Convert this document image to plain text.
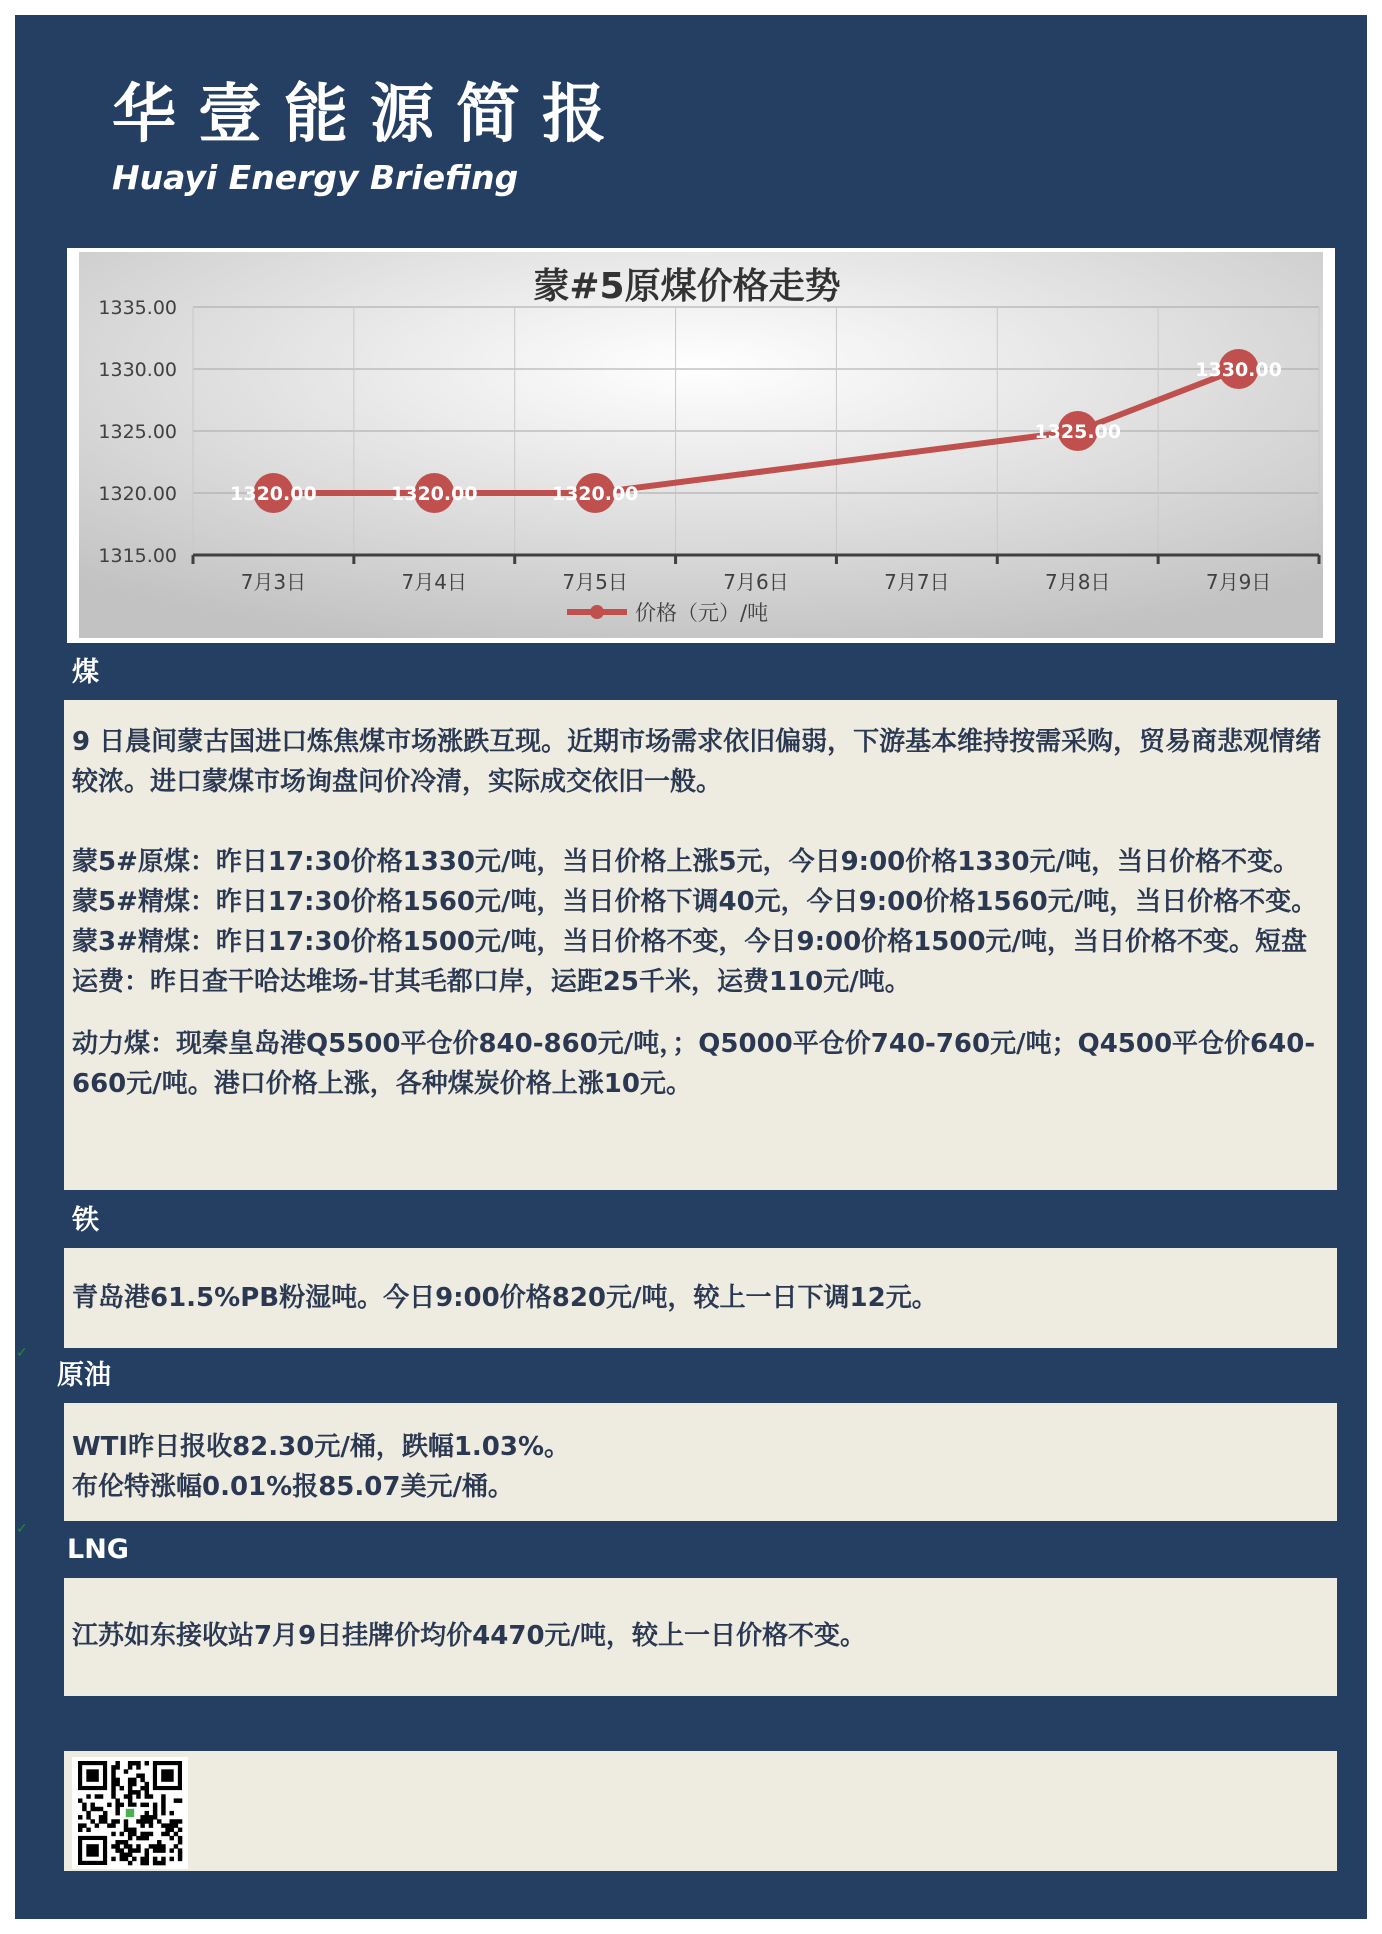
华壹能源简报
Huayi Energy Briefing
蒙#5原煤价格走势
1315.00
1320.00
1325.00
1330.00
1335.00
7月3日	7月4日	7月5日	7月6日	7月7日	7月8日	7月9日
1320.00	1320.00	1320.00
1325.00
1330.00
价格（元）/吨
煤

9 日晨间蒙古国进口炼焦煤市场涨跌互现。近期市场需求依旧偏弱，下游基本维持按需采购，贸易商悲观情绪较浓。进口蒙煤市场询盘问价冷清，实际成交依旧一般。

蒙5#原煤：昨日17:30价格1330元/吨，当日价格上涨5元，今日9:00价格1330元/吨，当日价格不变。

蒙5#精煤：昨日17:30价格1560元/吨，当日价格下调40元，今日9:00价格1560元/吨，当日价格不变。

蒙3#精煤：昨日17:30价格1500元/吨，当日价格不变，今日9:00价格1500元/吨，当日价格不变。短盘运费：昨日查干哈达堆场-甘其毛都口岸，运距25千米，运费110元/吨。

动力煤：现秦皇岛港Q5500平仓价840-860元/吨，；Q5000平仓价740-760元/吨；Q4500平仓价640-660元/吨。港口价格上涨，各种煤炭价格上涨10元。

铁

青岛港61.5%PB粉湿吨。今日9:00价格820元/吨，较上一日下调12元。

✓
原油

WTI昨日报收82.30元/桶，跌幅1.03%。

布伦特涨幅0.01%报85.07美元/桶。

✓
LNG

江苏如东接收站7月9日挂牌价均价4470元/吨，较上一日价格不变。
